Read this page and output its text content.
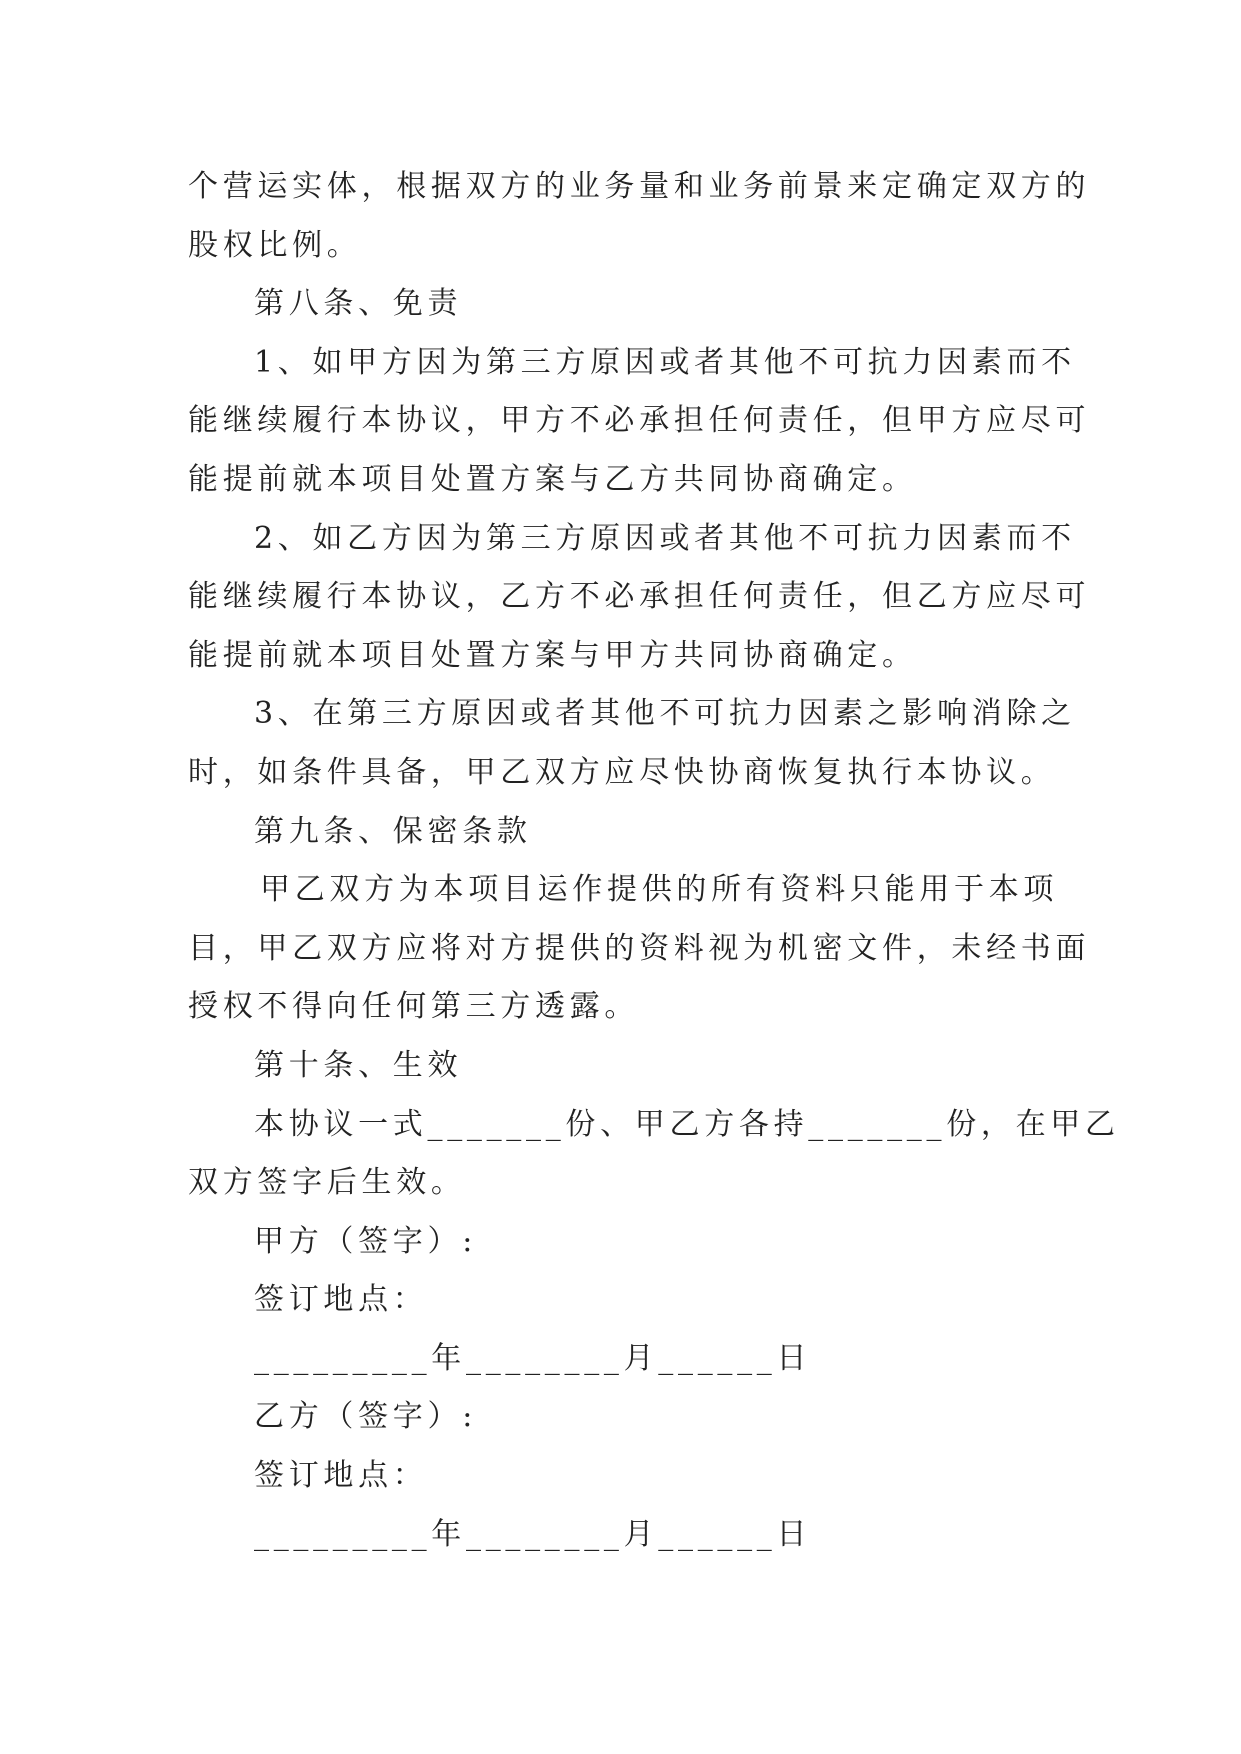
个营运实体，根据双方的业务量和业务前景来定确定双方的
股权比例。
第八条、免责
1、如甲方因为第三方原因或者其他不可抗力因素而不
能继续履行本协议，甲方不必承担任何责任，但甲方应尽可
能提前就本项目处置方案与乙方共同协商确定。
2、如乙方因为第三方原因或者其他不可抗力因素而不
能继续履行本协议，乙方不必承担任何责任，但乙方应尽可
能提前就本项目处置方案与甲方共同协商确定。
3、在第三方原因或者其他不可抗力因素之影响消除之
时，如条件具备，甲乙双方应尽快协商恢复执行本协议。
第九条、保密条款
甲乙双方为本项目运作提供的所有资料只能用于本项
目，甲乙双方应将对方提供的资料视为机密文件，未经书面
授权不得向任何第三方透露。
第十条、生效
本协议一式_______份、甲乙方各持_______份，在甲乙
双方签字后生效。
甲方（签字）:
签订地点：
_________年________月______日
乙方（签字）:
签订地点：
_________年________月______日
